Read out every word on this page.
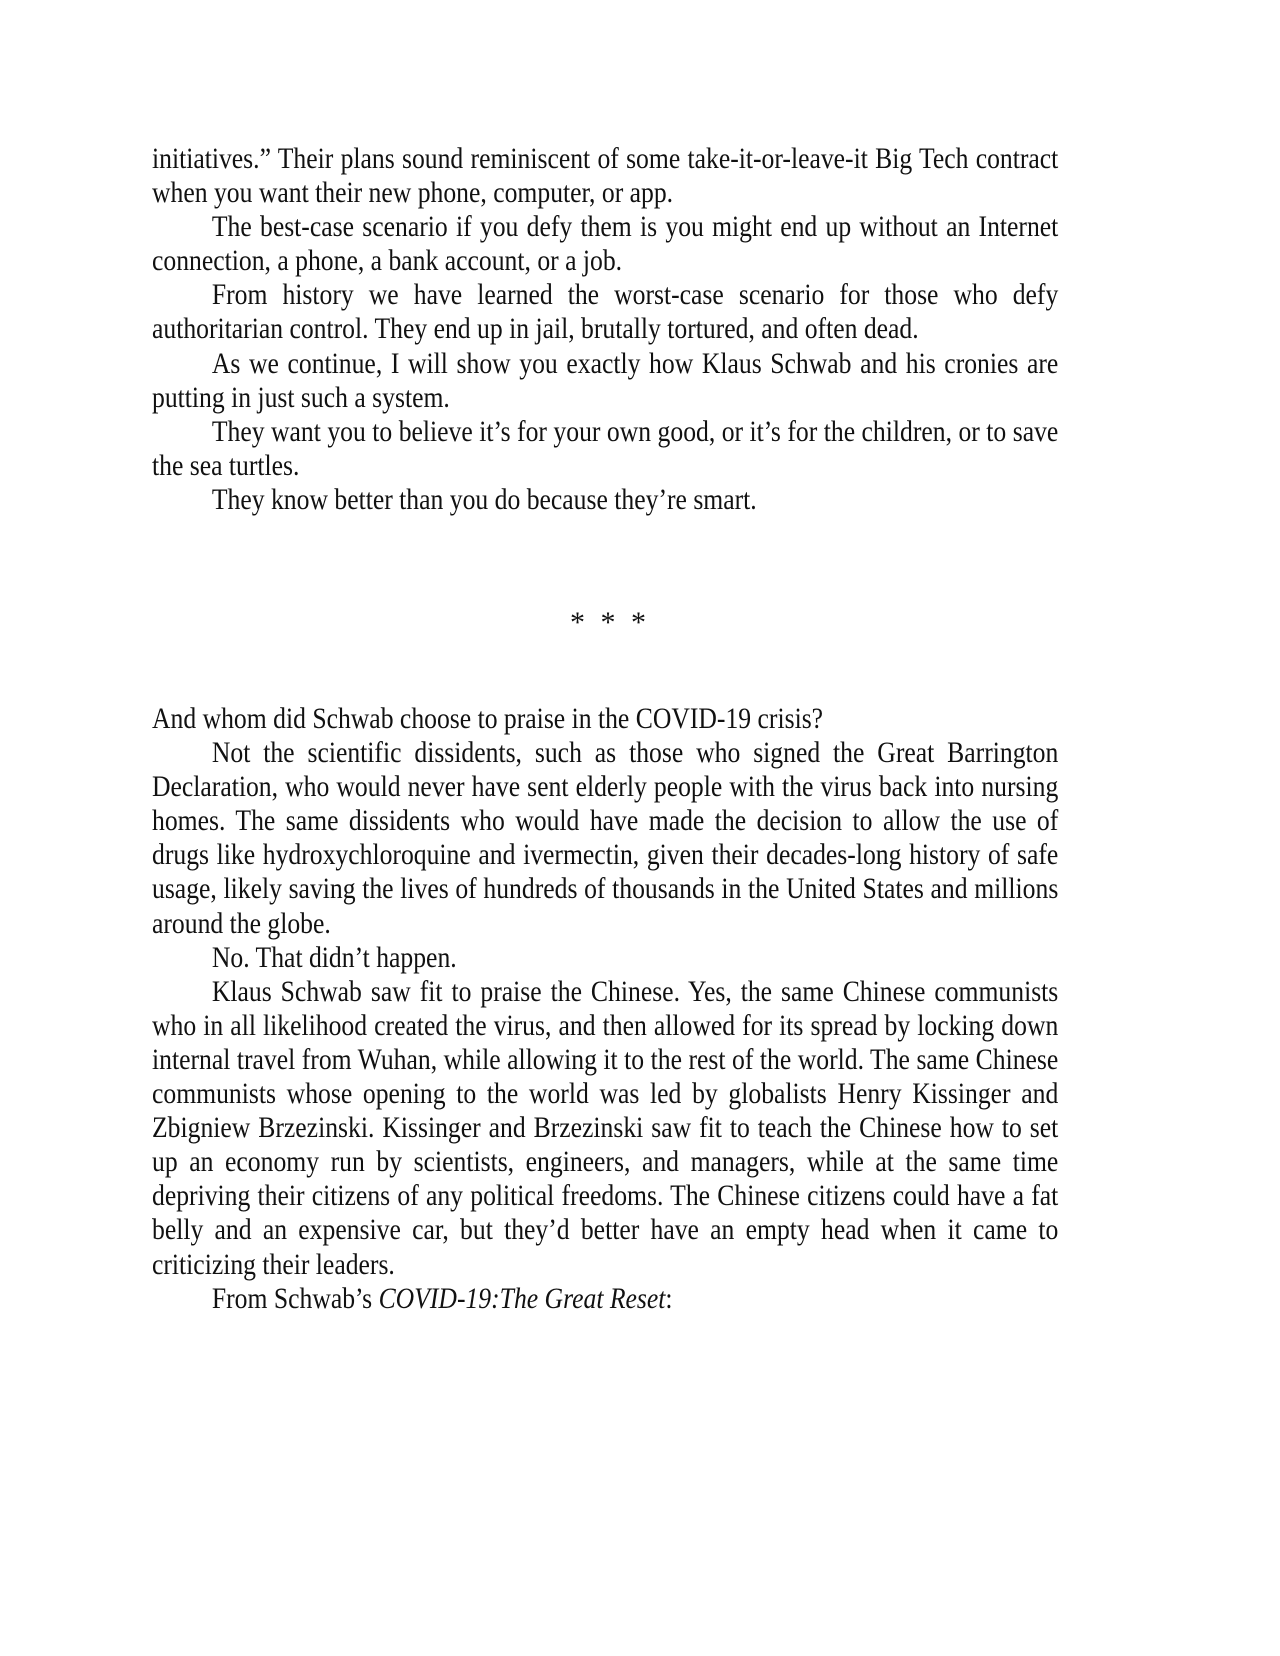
initiatives.” Their plans sound reminiscent of some take-it-or-leave-it Big Tech contract when you want their new phone, computer, or app.

The best-case scenario if you defy them is you might end up without an Internet connection, a phone, a bank account, or a job.

From history we have learned the worst-case scenario for those who defy authoritarian control. They end up in jail, brutally tortured, and often dead.

As we continue, I will show you exactly how Klaus Schwab and his cronies are putting in just such a system.

They want you to believe it’s for your own good, or it’s for the children, or to save the sea turtles.

They know better than you do because they’re smart.

* * *

And whom did Schwab choose to praise in the COVID-19 crisis?

Not the scientific dissidents, such as those who signed the Great Barrington Declaration, who would never have sent elderly people with the virus back into nursing homes. The same dissidents who would have made the decision to allow the use of drugs like hydroxychloroquine and ivermectin, given their decades-long history of safe usage, likely saving the lives of hundreds of thousands in the United States and millions around the globe.

No. That didn’t happen.

Klaus Schwab saw fit to praise the Chinese. Yes, the same Chinese communists who in all likelihood created the virus, and then allowed for its spread by locking down internal travel from Wuhan, while allowing it to the rest of the world. The same Chinese communists whose opening to the world was led by globalists Henry Kissinger and Zbigniew Brzezinski. Kissinger and Brzezinski saw fit to teach the Chinese how to set up an economy run by scientists, engineers, and managers, while at the same time depriving their citizens of any political freedoms. The Chinese citizens could have a fat belly and an expensive car, but they’d better have an empty head when it came to criticizing their leaders.

From Schwab’s COVID-19:The Great Reset:
